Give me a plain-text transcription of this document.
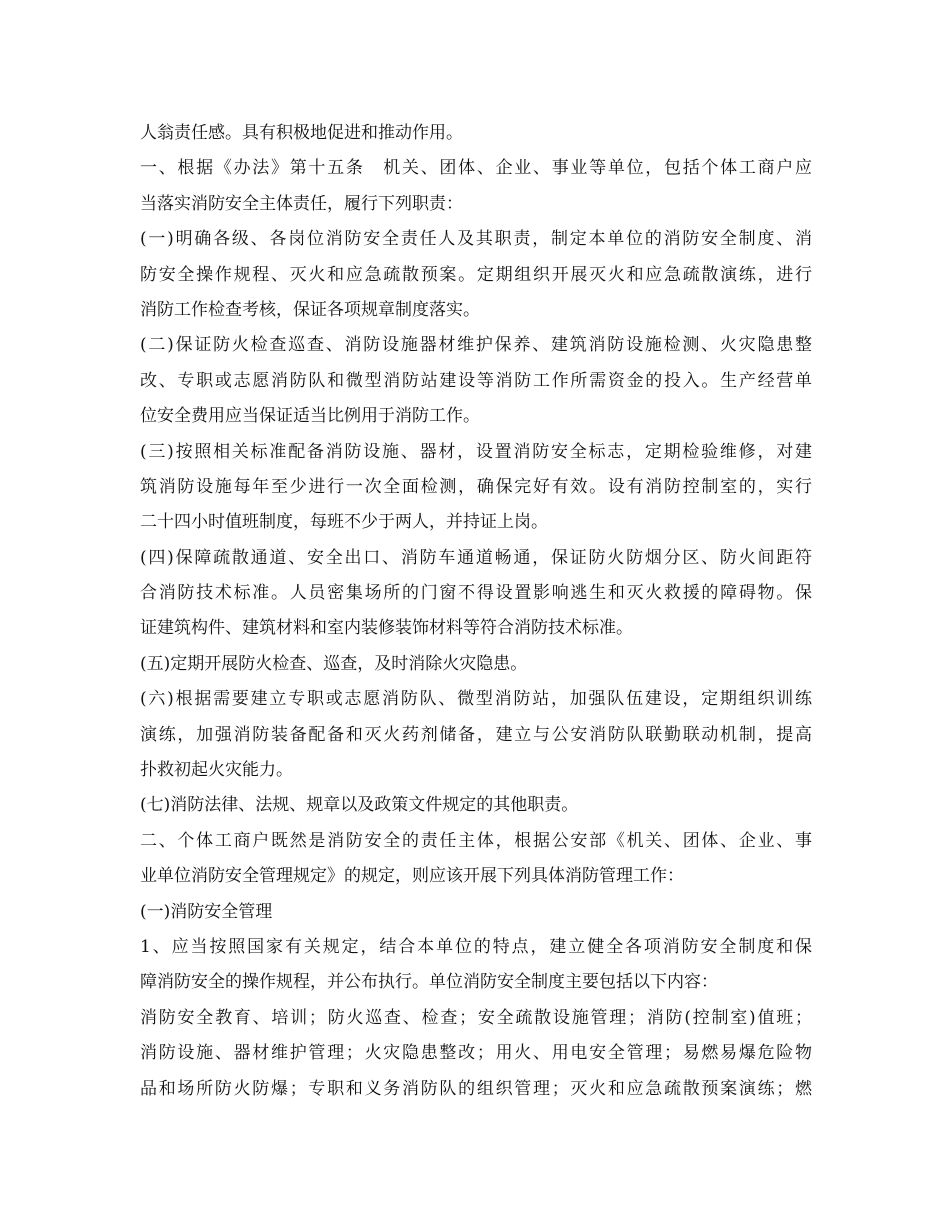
人翁责任感。具有积极地促进和推动作用。
一、根据《办法》第十五条　机关、团体、企业、事业等单位，包括个体工商户应
当落实消防安全主体责任，履行下列职责：
(一)明确各级、各岗位消防安全责任人及其职责，制定本单位的消防安全制度、消
防安全操作规程、灭火和应急疏散预案。定期组织开展灭火和应急疏散演练，进行
消防工作检查考核，保证各项规章制度落实。
(二)保证防火检查巡查、消防设施器材维护保养、建筑消防设施检测、火灾隐患整
改、专职或志愿消防队和微型消防站建设等消防工作所需资金的投入。生产经营单
位安全费用应当保证适当比例用于消防工作。
(三)按照相关标准配备消防设施、器材，设置消防安全标志，定期检验维修，对建
筑消防设施每年至少进行一次全面检测，确保完好有效。设有消防控制室的，实行
二十四小时值班制度，每班不少于两人，并持证上岗。
(四)保障疏散通道、安全出口、消防车通道畅通，保证防火防烟分区、防火间距符
合消防技术标准。人员密集场所的门窗不得设置影响逃生和灭火救援的障碍物。保
证建筑构件、建筑材料和室内装修装饰材料等符合消防技术标准。
(五)定期开展防火检查、巡查，及时消除火灾隐患。
(六)根据需要建立专职或志愿消防队、微型消防站，加强队伍建设，定期组织训练
演练，加强消防装备配备和灭火药剂储备，建立与公安消防队联勤联动机制，提高
扑救初起火灾能力。
(七)消防法律、法规、规章以及政策文件规定的其他职责。
二、个体工商户既然是消防安全的责任主体，根据公安部《机关、团体、企业、事
业单位消防安全管理规定》的规定，则应该开展下列具体消防管理工作：
(一)消防安全管理
1、应当按照国家有关规定，结合本单位的特点，建立健全各项消防安全制度和保
障消防安全的操作规程，并公布执行。单位消防安全制度主要包括以下内容：
消防安全教育、培训；防火巡查、检查；安全疏散设施管理；消防(控制室)值班；
消防设施、器材维护管理；火灾隐患整改；用火、用电安全管理；易燃易爆危险物
品和场所防火防爆；专职和义务消防队的组织管理；灭火和应急疏散预案演练；燃
